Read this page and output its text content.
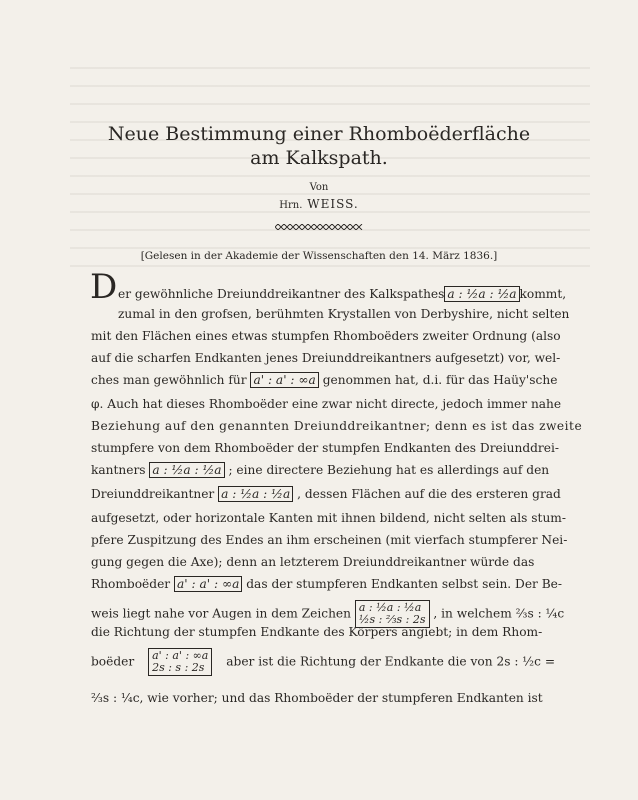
Neue Bestimmung einer Rhomboëderfläche
am Kalkspath.
Von
Hrn. WEISS.
[Gelesen in der Akademie der Wissenschaften den 14. März 1836.]
D er gewöhnliche Dreiunddreikantner des Kalkspathes a : ½a : ½a kommt,
zumal in den grofsen, berühmten Krystallen von Derbyshire, nicht selten
mit den Flächen eines etwas stumpfen Rhomboëders zweiter Ordnung (also
auf die scharfen Endkanten jenes Dreiunddreikantners aufgesetzt) vor, wel-
ches man gewöhnlich für a' : a' : ∞a genommen hat, d.i. für das Haüy'sche
φ. Auch hat dieses Rhomboëder eine zwar nicht directe, jedoch immer nahe
Beziehung auf den genannten Dreiunddreikantner; denn es ist das zweite
stumpfere von dem Rhomboëder der stumpfen Endkanten des Dreiunddrei-
kantners a : ½a : ½a ; eine directere Beziehung hat es allerdings auf den
Dreiunddreikantner a : ½a : ½a , dessen Flächen auf die des ersteren grad
aufgesetzt, oder horizontale Kanten mit ihnen bildend, nicht selten als stum-
pfere Zuspitzung des Endes an ihm erscheinen (mit vierfach stumpferer Nei-
gung gegen die Axe); denn an letzterem Dreiunddreikantner würde das
Rhomboëder a' : a' : ∞a das der stumpferen Endkanten selbst sein. Der Be-
weis liegt nahe vor Augen in dem Zeichen a : ½a : ½a
½s : ⅔s : 2s , in welchem ⅔s : ¼c
die Richtung der stumpfen Endkante des Körpers angiebt; in dem Rhom-
boëder a' : a' : ∞a
2s : s : 2s aber ist die Richtung der Endkante die von 2s : ½c =
⅔s : ¼c, wie vorher; und das Rhomboëder der stumpferen Endkanten ist
